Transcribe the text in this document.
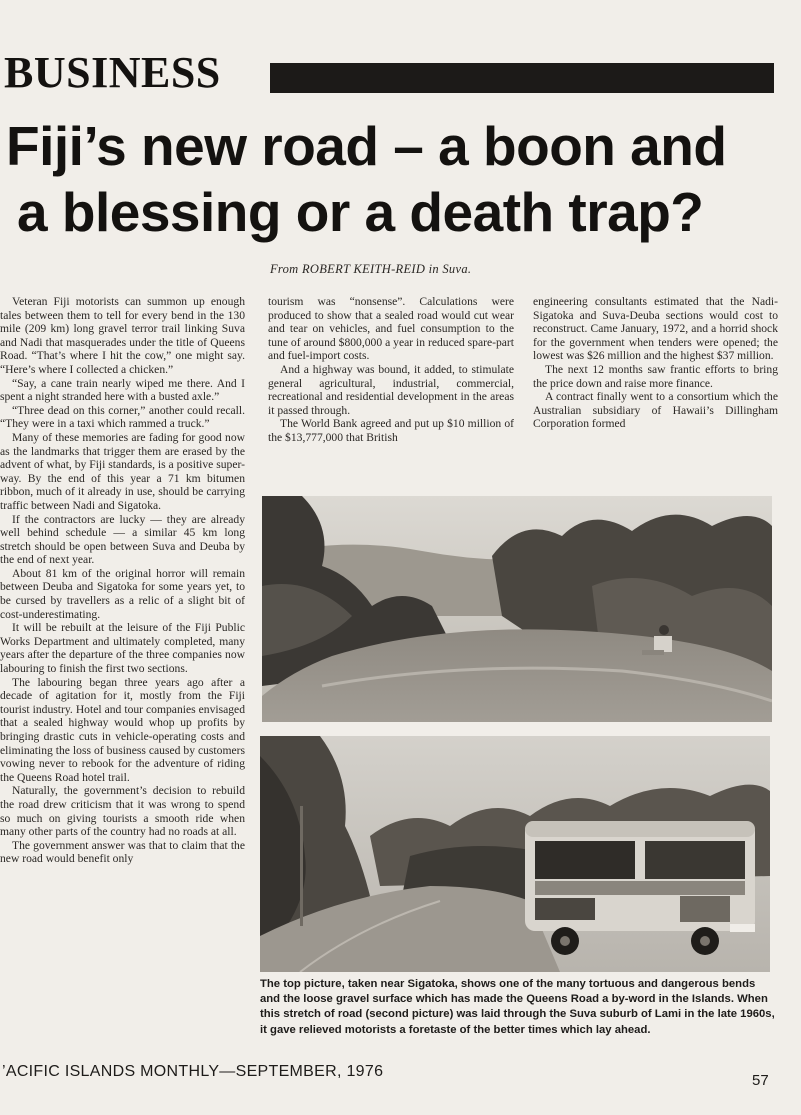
BUSINESS
Fiji’s new road – a boon and
a blessing or a death trap?
From ROBERT KEITH-REID in Suva.

Veteran Fiji motorists can summon up enough tales between them to tell for every bend in the 130 mile (209 km) long gravel terror trail linking Suva and Nadi that masquerades under the title of Queens Road. “That’s where I hit the cow,” one might say. “Here’s where I collected a chicken.”

“Say, a cane train nearly wiped me there. And I spent a night stranded here with a busted axle.”

“Three dead on this corner,” another could recall. “They were in a taxi which rammed a truck.”

Many of these memories are fading for good now as the landmarks that trigger them are erased by the advent of what, by Fiji standards, is a positive super-way. By the end of this year a 71 km bitumen ribbon, much of it already in use, should be carrying traffic between Nadi and Sigatoka.

If the contractors are lucky — they are already well behind schedule — a similar 45 km long stretch should be open between Suva and Deuba by the end of next year.

About 81 km of the original horror will remain between Deuba and Sigatoka for some years yet, to be cursed by travellers as a relic of a slight bit of cost-underestimating.

It will be rebuilt at the leisure of the Fiji Public Works Department and ultimately completed, many years after the departure of the three companies now labouring to finish the first two sections.

The labouring began three years ago after a decade of agitation for it, mostly from the Fiji tourist industry. Hotel and tour companies envisaged that a sealed highway would whop up profits by bringing drastic cuts in vehicle-operating costs and eliminating the loss of business caused by customers vowing never to rebook for the adventure of riding the Queens Road hotel trail.

Naturally, the government’s decision to rebuild the road drew criticism that it was wrong to spend so much on giving tourists a smooth ride when many other parts of the country had no roads at all.

The government answer was that to claim that the new road would benefit only

tourism was “nonsense”. Calculations were produced to show that a sealed road would cut wear and tear on vehicles, and fuel consumption to the tune of around $800,000 a year in reduced spare-part and fuel-import costs.

And a highway was bound, it added, to stimulate general agricultural, industrial, commercial, recreational and residential development in the areas it passed through.

The World Bank agreed and put up $10 million of the $13,777,000 that British

engineering consultants estimated that the Nadi-Sigatoka and Suva-Deuba sections would cost to reconstruct. Came January, 1972, and a horrid shock for the government when tenders were opened; the lowest was $26 million and the highest $37 million.

The next 12 months saw frantic efforts to bring the price down and raise more finance.

A contract finally went to a consortium which the Australian subsidiary of Hawaii’s Dillingham Corporation formed

The top picture, taken near Sigatoka, shows one of the many tortuous and dangerous bends and the loose gravel surface which has made the Queens Road a by-word in the Islands. When this stretch of road (second picture) was laid through the Suva suburb of Lami in the late 1960s, it gave relieved motorists a foretaste of the better times which lay ahead.

’ACIFIC ISLANDS MONTHLY—SEPTEMBER, 1976
57
